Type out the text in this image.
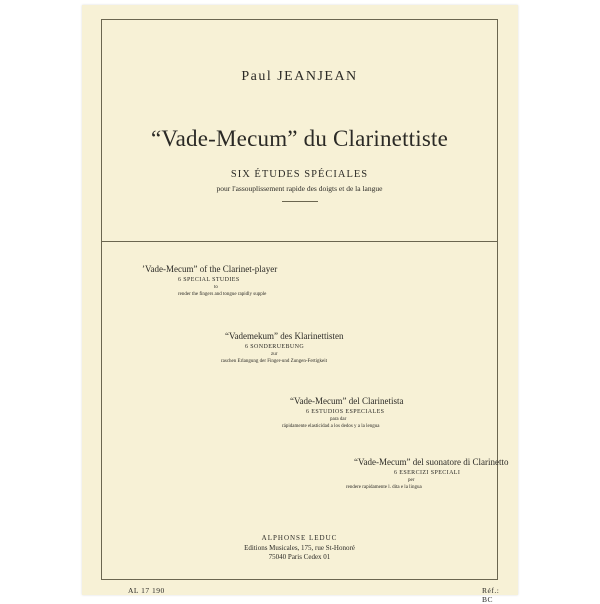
Paul JEANJEAN
“Vade-Mecum” du Clarinettiste
SIX ÉTUDES SPÉCIALES
pour l'assouplissement rapide des doigts et de la langue
’Vade-Mecum” of the Clarinet-player
6 SPECIAL STUDIES
to
render the fingers and tongue rapidly supple
“Vademekum” des Klarinettisten
6 SONDERUEBUNG
zur
raschen Erlangung der Finger-und Zungen-Fertigkeit
“Vade-Mecum” del Clarinetista
6 ESTUDIOS ESPECIALES
para dar
rápidamente elasticidad a los dedos y a la lengua
“Vade-Mecum” del suonatore di Clarinetto
6 ESERCIZI SPECIALI
per
rendere rapidamente l. dita e la lingua
ALPHONSE LEDUC
Editions Musicales, 175, rue St-Honoré
75040 Paris Cedex 01
AL 17 190	Réf.: BC
